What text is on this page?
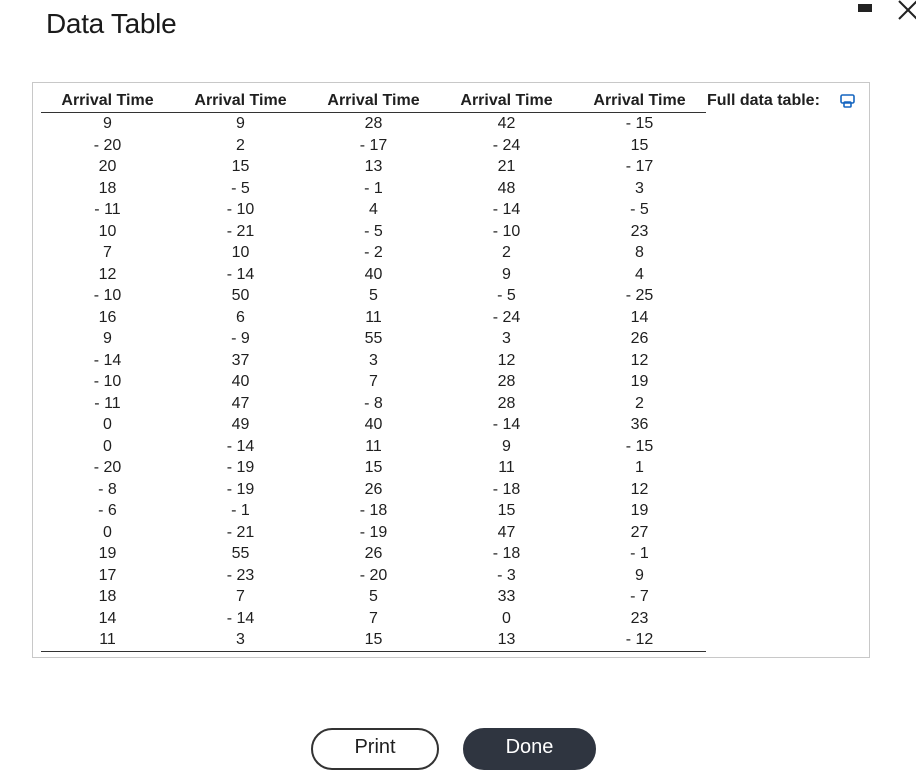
Data Table
Arrival Time	Arrival Time	Arrival Time	Arrival Time	Arrival Time
9	9	28	42	- 15
- 20	2	- 17	- 24	15
20	15	13	21	- 17
18	- 5	- 1	48	3
- 11	- 10	4	- 14	- 5
10	- 21	- 5	- 10	23
7	10	- 2	2	8
12	- 14	40	9	4
- 10	50	5	- 5	- 25
16	6	11	- 24	14
9	- 9	55	3	26
- 14	37	3	12	12
- 10	40	7	28	19
- 11	47	- 8	28	2
0	49	40	- 14	36
0	- 14	11	9	- 15
- 20	- 19	15	11	1
- 8	- 19	26	- 18	12
- 6	- 1	- 18	15	19
0	- 21	- 19	47	27
19	55	26	- 18	- 1
17	- 23	- 20	- 3	9
18	7	5	33	- 7
14	- 14	7	0	23
11	3	15	13	- 12
Full data table:
Print	Done
